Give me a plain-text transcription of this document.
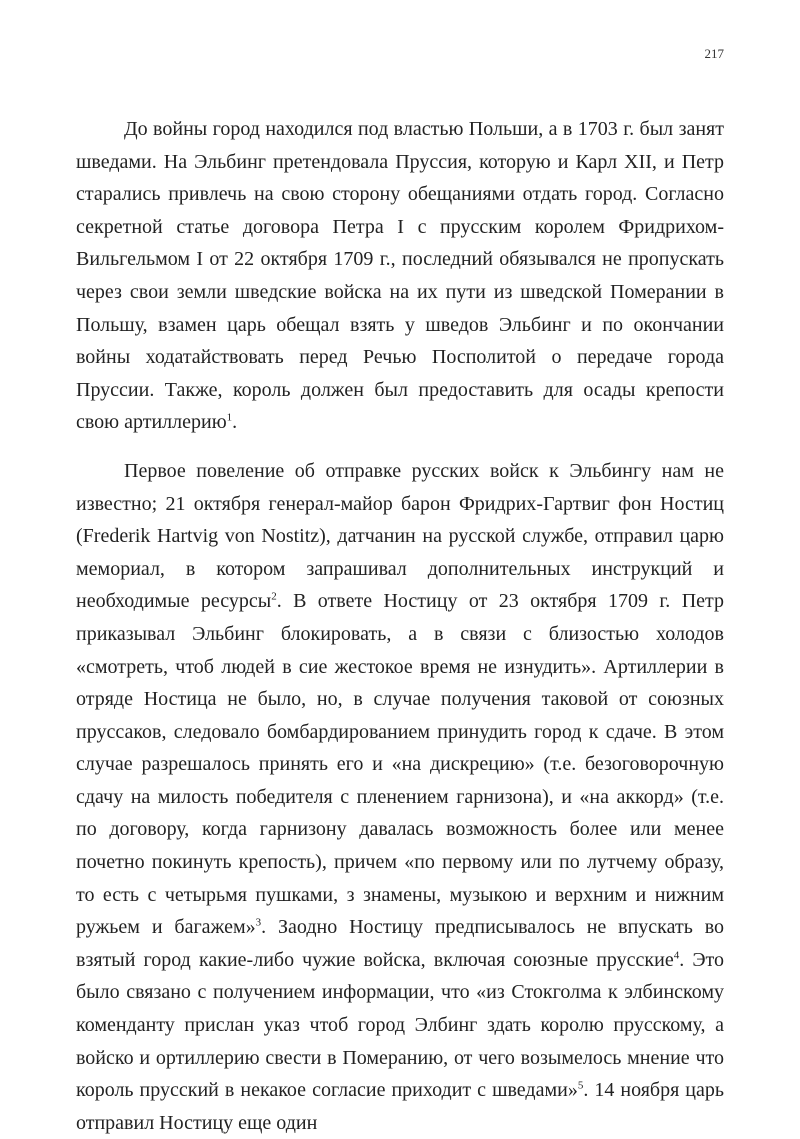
217

До войны город находился под властью Польши, а в 1703 г. был занят шведами. На Эльбинг претендовала Пруссия, которую и Карл XII, и Петр старались привлечь на свою сторону обещаниями отдать город. Согласно секретной статье договора Петра I с прусским королем Фридрихом-Вильгельмом I от 22 октября 1709 г., последний обязывался не пропускать через свои земли шведские войска на их пути из шведской Померании в Польшу, взамен царь обещал взять у шведов Эльбинг и по окончании войны ходатайствовать перед Речью Посполитой о передаче города Пруссии. Также, король должен был предоставить для осады крепости свою артиллерию$^1$.

Первое повеление об отправке русских войск к Эльбингу нам не известно; 21 октября генерал-майор барон Фридрих-Гартвиг фон Ностиц (Frederik Hartvig von Nostitz), датчанин на русской службе, отправил царю мемориал, в котором запрашивал дополнительных инструкций и необходимые ресурсы$^2$. В ответе Ностицу от 23 октября 1709 г. Петр приказывал Эльбинг блокировать, а в связи с близостью холодов «смотреть, чтоб людей в сие жестокое время не изнудить». Артиллерии в отряде Ностица не было, но, в случае получения таковой от союзных пруссаков, следовало бомбардированием принудить город к сдаче. В этом случае разрешалось принять его и «на дискрецию» (т.е. безоговорочную сдачу на милость победителя с пленением гарнизона), и «на аккорд» (т.е. по договору, когда гарнизону давалась возможность более или менее почетно покинуть крепость), причем «по первому или по лутчему образу, то есть с четырьмя пушками, з знамены, музыкою и верхним и нижним ружьем и багажем»$^3$. Заодно Ностицу предписывалось не впускать во взятый город какие-либо чужие войска, включая союзные прусские$^4$. Это было связано с получением информации, что «из Стокголма к элбинскому коменданту прислан указ чтоб город Элбинг здать королю прусскому, а войско и ортиллерию свести в Померанию, от чего возымелось мнение что король прусский в некакое согласие приходит с шведами»$^5$. 14 ноября царь отправил Ностицу еще один
